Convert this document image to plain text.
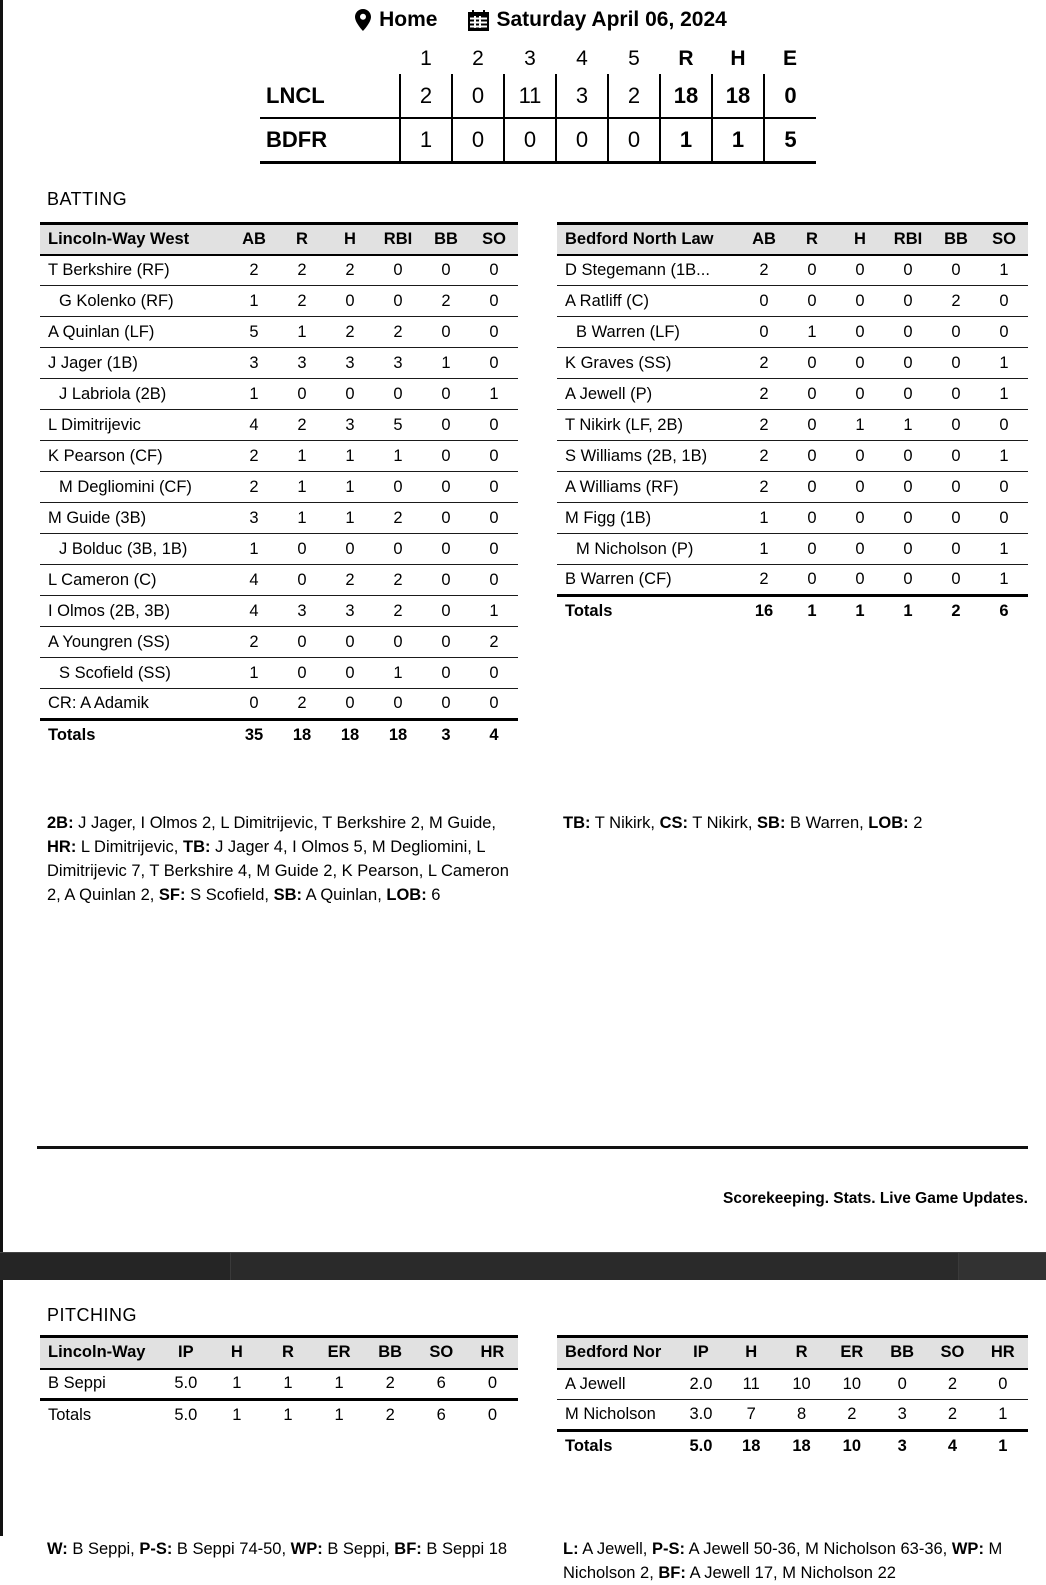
Home	Saturday April 06, 2024
	1	2	3	4	5	R	H	E
LNCL	2	0	11	3	2	18	18	0
BDFR	1	0	0	0	0	1	1	5
BATTING
Lincoln-Way West	AB	R	H	RBI	BB	SO
T Berkshire (RF)	2	2	2	0	0	0
G Kolenko (RF)	1	2	0	0	2	0
A Quinlan (LF)	5	1	2	2	0	0
J Jager (1B)	3	3	3	3	1	0
J Labriola (2B)	1	0	0	0	0	1
L Dimitrijevic	4	2	3	5	0	0
K Pearson (CF)	2	1	1	1	0	0
M Degliomini (CF)	2	1	1	0	0	0
M Guide (3B)	3	1	1	2	0	0
J Bolduc (3B, 1B)	1	0	0	0	0	0
L Cameron (C)	4	0	2	2	0	0
I Olmos (2B, 3B)	4	3	3	2	0	1
A Youngren (SS)	2	0	0	0	0	2
S Scofield (SS)	1	0	0	1	0	0
CR: A Adamik	0	2	0	0	0	0
Totals	35	18	18	18	3	4
Bedford North Law	AB	R	H	RBI	BB	SO
D Stegemann (1B...	2	0	0	0	0	1
A Ratliff (C)	0	0	0	0	2	0
B Warren (LF)	0	1	0	0	0	0
K Graves (SS)	2	0	0	0	0	1
A Jewell (P)	2	0	0	0	0	1
T Nikirk (LF, 2B)	2	0	1	1	0	0
S Williams (2B, 1B)	2	0	0	0	0	1
A Williams (RF)	2	0	0	0	0	0
M Figg (1B)	1	0	0	0	0	0
M Nicholson (P)	1	0	0	0	0	1
B Warren (CF)	2	0	0	0	0	1
Totals	16	1	1	1	2	6

2B: J Jager, I Olmos 2, L Dimitrijevic, T Berkshire 2, M Guide, HR: L Dimitrijevic, TB: J Jager 4, I Olmos 5, M Degliomini, L Dimitrijevic 7, T Berkshire 4, M Guide 2, K Pearson, L Cameron 2, A Quinlan 2, SF: S Scofield, SB: A Quinlan, LOB: 6

TB: T Nikirk, CS: T Nikirk, SB: B Warren, LOB: 2
Scorekeeping. Stats. Live Game Updates.
PITCHING
Lincoln-Way	IP	H	R	ER	BB	SO	HR
B Seppi	5.0	1	1	1	2	6	0
Totals	5.0	1	1	1	2	6	0
Bedford Nor	IP	H	R	ER	BB	SO	HR
A Jewell	2.0	11	10	10	0	2	0
M Nicholson	3.0	7	8	2	3	2	1
Totals	5.0	18	18	10	3	4	1

W: B Seppi, P-S: B Seppi 74-50, WP: B Seppi, BF: B Seppi 18

	L: A Jewell, P-S: A Jewell 50-36, M Nicholson 63-36, WP: M Nicholson 2, BF: A Jewell 17, M Nicholson 22
